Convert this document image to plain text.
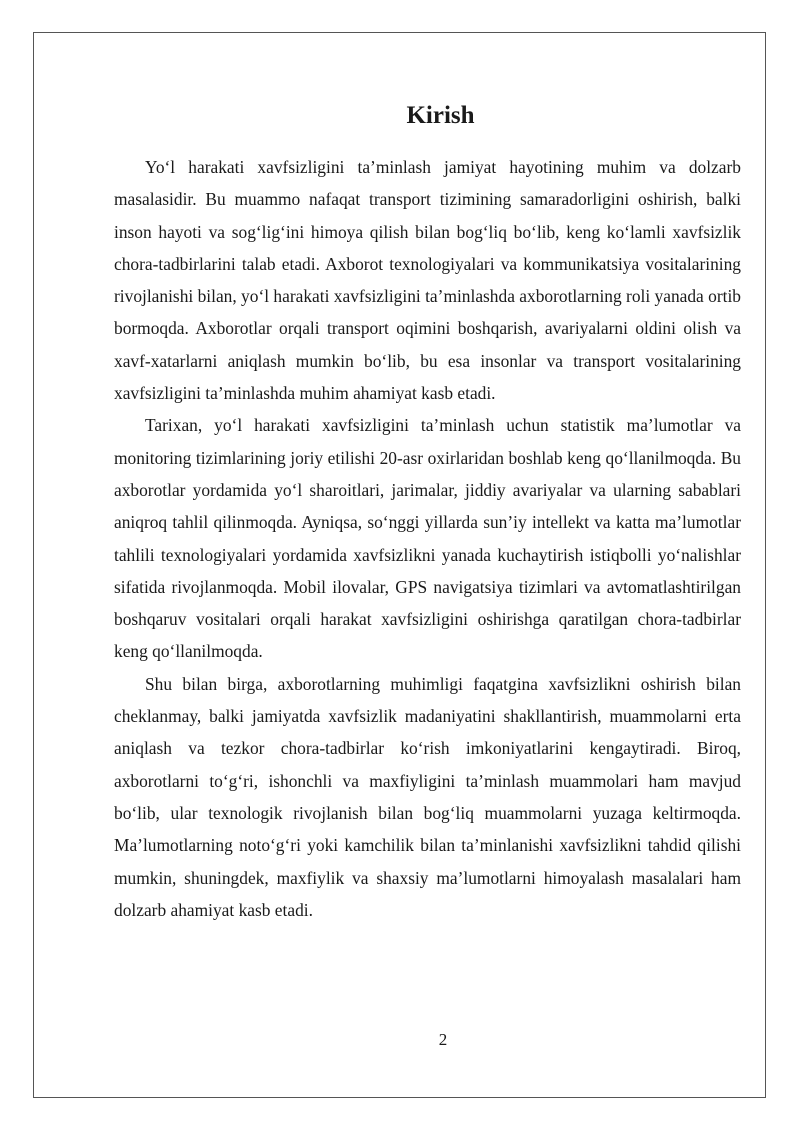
Kirish

Yo‘l harakati xavfsizligini ta’minlash jamiyat hayotining muhim va dolzarb masalasidir. Bu muammo nafaqat transport tizimining samaradorligini oshirish, balki inson hayoti va sog‘lig‘ini himoya qilish bilan bog‘liq bo‘lib, keng ko‘lamli xavfsizlik chora-tadbirlarini talab etadi. Axborot texnologiyalari va kommunikatsiya vositalarining rivojlanishi bilan, yo‘l harakati xavfsizligini ta’minlashda axborotlarning roli yanada ortib bormoqda. Axborotlar orqali transport oqimini boshqarish, avariyalarni oldini olish va xavf-xatarlarni aniqlash mumkin bo‘lib, bu esa insonlar va transport vositalarining xavfsizligini ta’minlashda muhim ahamiyat kasb etadi.

Tarixan, yo‘l harakati xavfsizligini ta’minlash uchun statistik ma’lumotlar va monitoring tizimlarining joriy etilishi 20-asr oxirlaridan boshlab keng qo‘llanilmoqda. Bu axborotlar yordamida yo‘l sharoitlari, jarimalar, jiddiy avariyalar va ularning sabablari aniqroq tahlil qilinmoqda. Ayniqsa, so‘nggi yillarda sun’iy intellekt va katta ma’lumotlar tahlili texnologiyalari yordamida xavfsizlikni yanada kuchaytirish istiqbolli yo‘nalishlar sifatida rivojlanmoqda. Mobil ilovalar, GPS navigatsiya tizimlari va avtomatlashtirilgan boshqaruv vositalari orqali harakat xavfsizligini oshirishga qaratilgan chora-tadbirlar keng qo‘llanilmoqda.

Shu bilan birga, axborotlarning muhimligi faqatgina xavfsizlikni oshirish bilan cheklanmay, balki jamiyatda xavfsizlik madaniyatini shakllantirish, muammolarni erta aniqlash va tezkor chora-tadbirlar ko‘rish imkoniyatlarini kengaytiradi. Biroq, axborotlarni to‘g‘ri, ishonchli va maxfiyligini ta’minlash muammolari ham mavjud bo‘lib, ular texnologik rivojlanish bilan bog‘liq muammolarni yuzaga keltirmoqda. Ma’lumotlarning noto‘g‘ri yoki kamchilik bilan ta’minlanishi xavfsizlikni tahdid qilishi mumkin, shuningdek, maxfiylik va shaxsiy ma’lumotlarni himoyalash masalalari ham dolzarb ahamiyat kasb etadi.

2
